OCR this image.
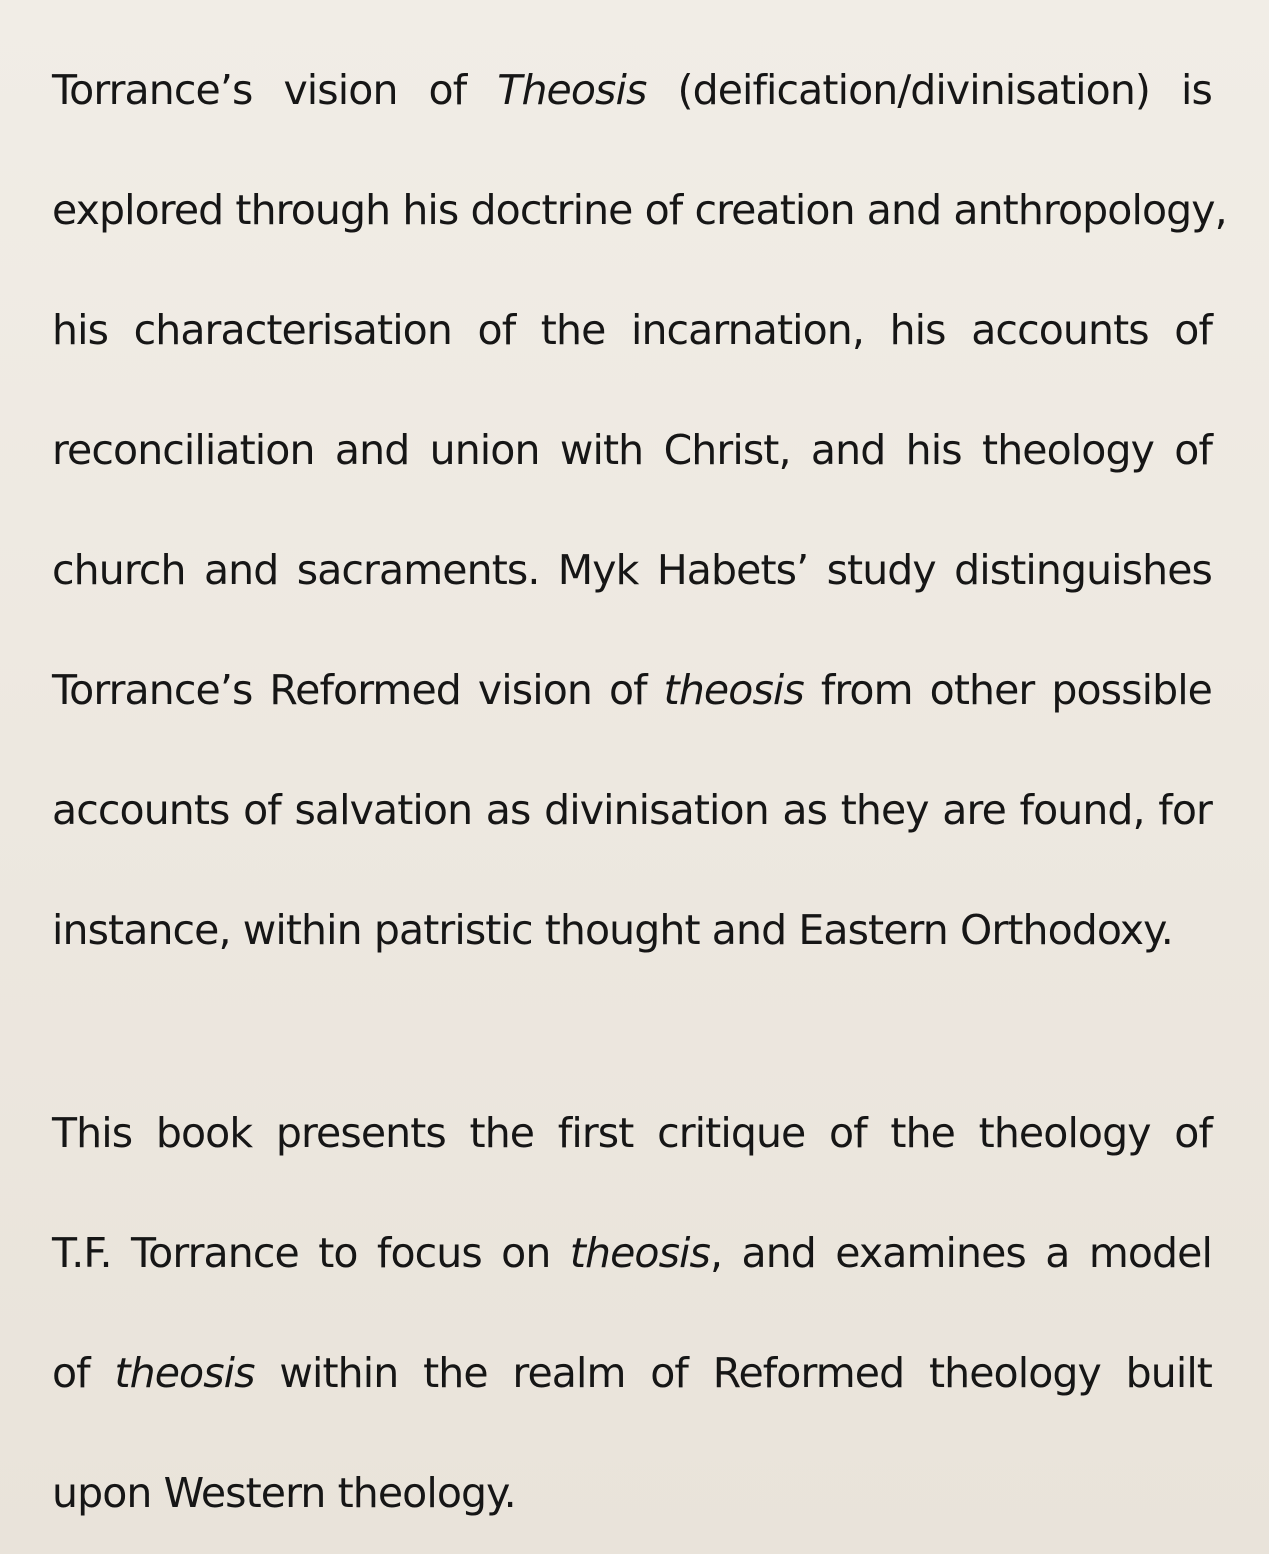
Torrance’s vision of Theosis (deification/divinisation) is
explored through his doctrine of creation and anthropology,
his characterisation of the incarnation, his accounts of
reconciliation and union with Christ, and his theology of
church and sacraments. Myk Habets’ study distinguishes
Torrance’s Reformed vision of theosis from other possible
accounts of salvation as divinisation as they are found, for
instance, within patristic thought and Eastern Orthodoxy.
This book presents the first critique of the theology of
T.F. Torrance to focus on theosis, and examines a model
of theosis within the realm of Reformed theology built
upon Western theology.
